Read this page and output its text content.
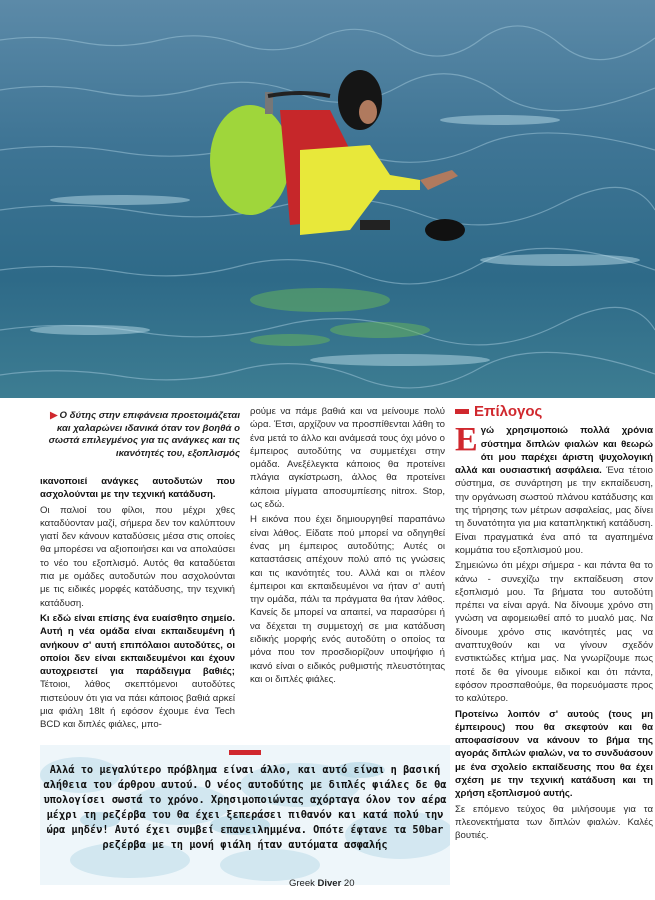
▶ Ο δύτης στην επιφάνεια προετοιμάζεται και χαλαρώνει ιδανικά όταν τον βοηθά ο σωστά επιλεγμένος για τις ανάγκες και τις ικανότητές του, εξοπλισμός

ικανοποιεί ανάγκες αυτοδυτών που ασχολούνται με την τεχνική κατάδυση.

Οι παλιοί του φίλοι, που μέχρι χθες καταδύονταν μαζί, σήμερα δεν τον καλύπτουν γιατί δεν κάνουν καταδύσεις μέσα στις οποίες θα μπορέσει να αξιοποιήσει και να απολαύσει το νέο του εξοπλισμό. Αυτός θα καταδύεται πια με ομάδες αυτοδυτών που ασχολούνται με τις ειδικές μορφές κατάδυσης, την τεχνική κατάδυση.

Κι εδώ είναι επίσης ένα ευαίσθητο σημείο. Αυτή η νέα ομάδα είναι εκπαιδευμένη ή ανήκουν σ' αυτή επιπόλαιοι αυτοδύτες, οι οποίοι δεν είναι εκπαιδευμένοι και έχουν αυτοχρειστεί για παράδειγμα βαθιές; Τέτοιοι, λάθος σκεπτόμενοι αυτοδύτες πιστεύουν ότι για να πάει κάποιος βαθιά αρκεί μια φιάλη 18lt ή εφόσον έχουμε ένα Tech BCD και διπλές φιάλες, μπο-

ρούμε να πάμε βαθιά και να μείνουμε πολύ ώρα. Έτσι, αρχίζουν να προσπίθενται λάθη το ένα μετά το άλλο και ανάμεσά τους όχι μόνο ο έμπειρος αυτοδύτης να συμμετέχει στην ομάδα. Ανεξέλεγκτα κάποιος θα προτείνει πλάγια αγκίστρωση, άλλος θα προτείνει κάποια μίγματα αποσυμπίεσης nitrox. Stop, ως εδώ.

Η εικόνα που έχει δημιουργηθεί παραπάνω είναι λάθος. Είδατε πού μπορεί να οδηγηθεί ένας μη έμπειρος αυτοδύτης; Αυτές οι καταστάσεις απέχουν πολύ από τις γνώσεις και τις ικανότητές του. Αλλά και οι πλέον έμπειροι και εκπαιδευμένοι να ήταν σ' αυτή την ομάδα, πάλι τα πράγματα θα ήταν λάθος. Κανείς δε μπορεί να απαιτεί, να παρασύρει ή να δέχεται τη συμμετοχή σε μια κατάδυση ειδικής μορφής ενός αυτοδύτη ο οποίος τα μόνα που τον προσδιορίζουν υποψήφιο ή ικανό είναι ο ειδικός ρυθμιστής πλευστότητας και οι διπλές φιάλες.

Επίλογος

Εγώ χρησιμοποιώ πολλά χρόνια σύστημα διπλών φιαλών και θεωρώ ότι μου παρέχει άριστη ψυχολογική αλλά και ουσιαστική ασφάλεια. Ένα τέτοιο σύστημα, σε συνάρτηση με την εκπαίδευση, την οργάνωση σωστού πλάνου κατάδυσης και της τήρησης των μέτρων ασφαλείας, μας δίνει τη δυνατότητα για μια καταπληκτική κατάδυση. Είναι πραγματικά ένα από τα αγαπημένα κομμάτια του εξοπλισμού μου.

Σημειώνω ότι μέχρι σήμερα - και πάντα θα το κάνω - συνεχίζω την εκπαίδευση στον εξοπλισμό μου. Τα βήματα του αυτοδύτη πρέπει να είναι αργά. Να δίνουμε χρόνο στη γνώση να αφομειωθεί από το μυαλό μας. Να δίνουμε χρόνο στις ικανότητές μας να αναπτυχθούν και να γίνουν σχεδόν ενστικτώδες κτήμα μας. Να γνωρίζουμε πως ποτέ δε θα γίνουμε ειδικοί και ότι πάντα, εφόσον προσπαθούμε, θα πορευόμαστε προς το καλύτερο.

Προτείνω λοιπόν σ' αυτούς (τους μη έμπειρους) που θα σκεφτούν και θα αποφασίσουν να κάνουν το βήμα της αγοράς διπλών φιαλών, να το συνδυάσουν με ένα σχολείο εκπαίδευσης που θα έχει σχέση με την τεχνική κατάδυση και τη χρήση εξοπλισμού αυτής.

Σε επόμενο τεύχος θα μιλήσουμε για τα πλεονεκτήματα των διπλών φιαλών. Καλές βουτιές.

Αλλά το μεγαλύτερο πρόβλημα είναι άλλο, και αυτό είναι η βασική αλήθεια του άρθρου αυτού. Ο νέος αυτοδύτης με διπλές φιάλες δε θα υπολογίσει σωστά το χρόνο. Χρησιμοποιώντας αχόρταγα όλον τον αέρα μέχρι τη ρεζέρβα του θα έχει ξεπεράσει πιθανόν και κατά πολύ την ώρα μηδέν! Αυτό έχει συμβεί επανειλημμένα. Οπότε έφτανε τα 50bar ρεζέρβα με τη μονή φιάλη ήταν αυτόματα ασφαλής
Greek Diver 20
